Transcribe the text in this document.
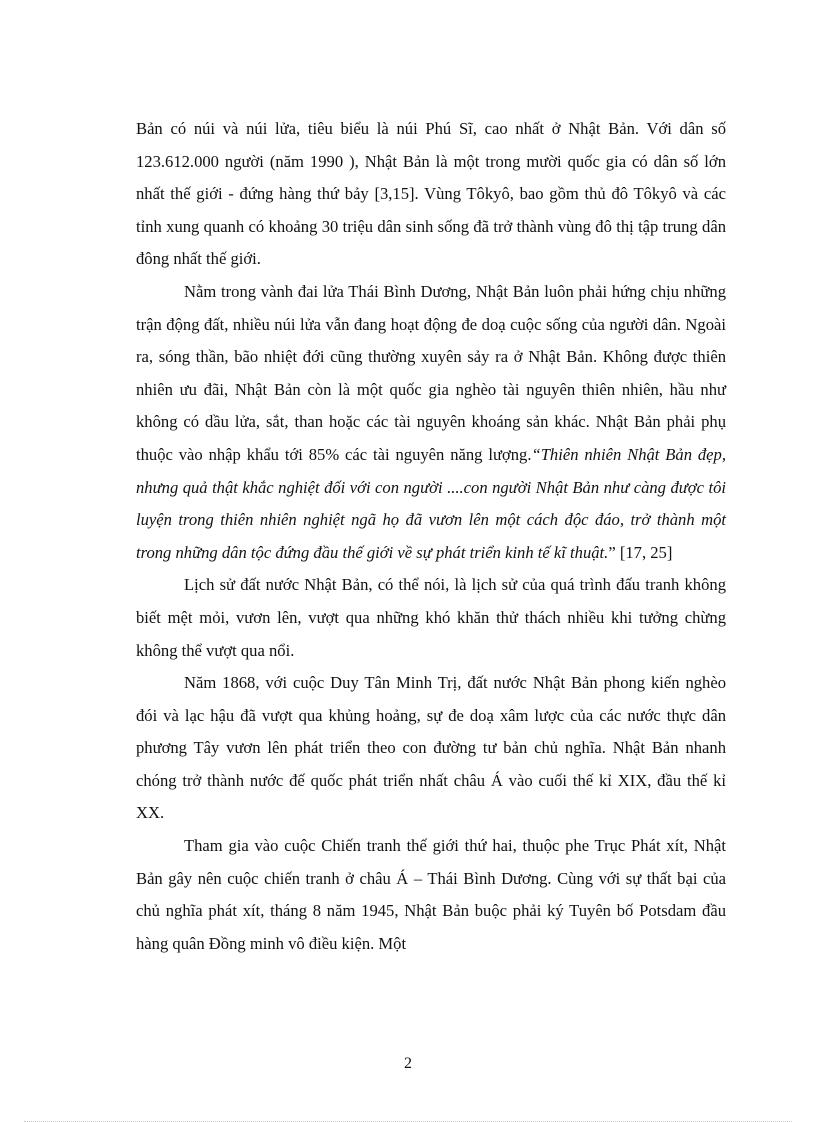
Bản có núi và núi lửa, tiêu biểu là núi Phú Sĩ, cao nhất ở Nhật Bản. Với dân số 123.612.000 người (năm 1990 ), Nhật Bản là một trong mười quốc gia có dân số lớn nhất thế giới - đứng hàng thứ bảy [3,15]. Vùng Tôkyô, bao gồm thủ đô Tôkyô và các tỉnh xung quanh có khoảng 30 triệu dân sinh sống đã trở thành vùng đô thị tập trung dân đông nhất thế giới.

Nằm trong vành đai lửa Thái Bình Dương, Nhật Bản luôn phải hứng chịu những trận động đất, nhiều núi lửa vẫn đang hoạt động đe doạ cuộc sống của người dân. Ngoài ra, sóng thần, bão nhiệt đới cũng thường xuyên sảy ra ở Nhật Bản. Không được thiên nhiên ưu đãi, Nhật Bản còn là một quốc gia nghèo tài nguyên thiên nhiên, hầu như không có dầu lửa, sắt, than hoặc các tài nguyên khoáng sản khác. Nhật Bản phải phụ thuộc vào nhập khẩu tới 85% các tài nguyên năng lượng.“Thiên nhiên Nhật Bản đẹp, nhưng quả thật khắc nghiệt đối với con người ....con người Nhật Bản như càng được tôi luyện trong thiên nhiên nghiệt ngã họ đã vươn lên một cách độc đáo, trở thành một trong những dân tộc đứng đầu thế giới về sự phát triển kinh tế kĩ thuật.” [17, 25]

Lịch sử đất nước Nhật Bản, có thể nói, là lịch sử của quá trình đấu tranh không biết mệt mỏi, vươn lên, vượt qua những khó khăn thử thách nhiều khi tưởng chừng không thể vượt qua nổi.

Năm 1868, với cuộc Duy Tân Minh Trị, đất nước Nhật Bản phong kiến nghèo đói và lạc hậu đã vượt qua khủng hoảng, sự đe doạ xâm lược của các nước thực dân phương Tây vươn lên phát triển theo con đường tư bản chủ nghĩa. Nhật Bản nhanh chóng trở thành nước đế quốc phát triển nhất châu Á vào cuối thế kỉ XIX, đầu thế kỉ XX.

Tham gia vào cuộc Chiến tranh thế giới thứ hai, thuộc phe Trục Phát xít, Nhật Bản gây nên cuộc chiến tranh ở châu Á – Thái Bình Dương. Cùng với sự thất bại của chủ nghĩa phát xít, tháng 8 năm 1945, Nhật Bản buộc phải ký Tuyên bố Potsdam đầu hàng quân Đồng minh vô điều kiện. Một

2
